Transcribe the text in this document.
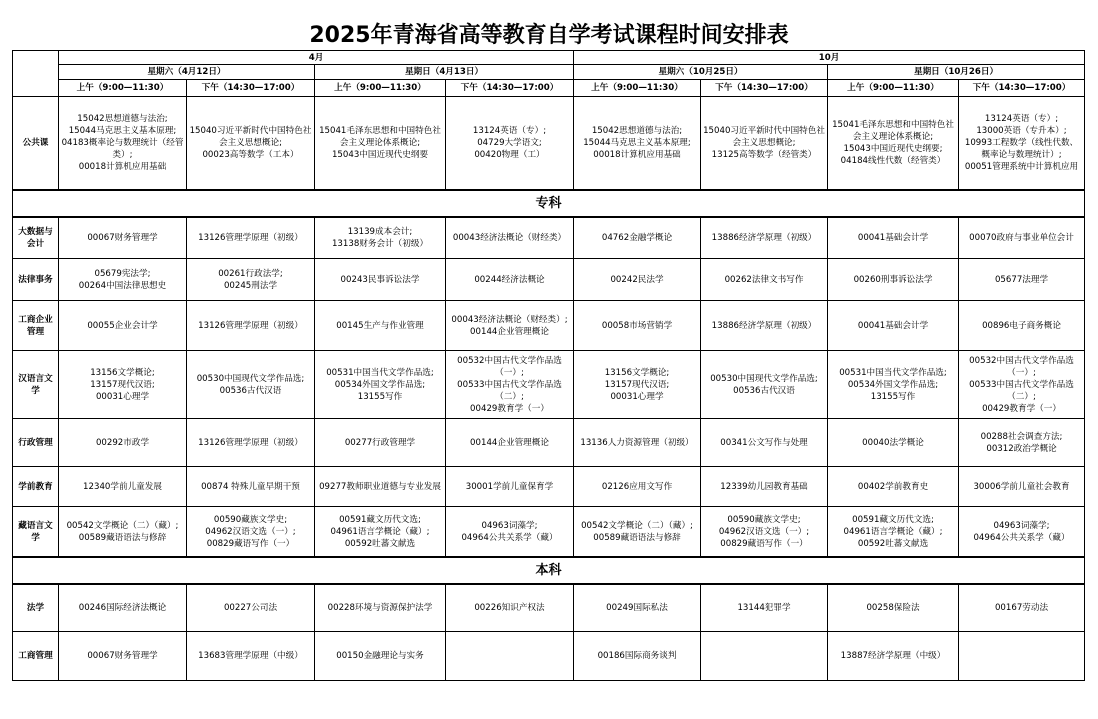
2025年青海省高等教育自学考试课程时间安排表
	4月				10月			
	星期六（4月12日）		星期日（4月13日）		星期六（10月25日）		星期日（10月26日）	
	上午（9:00—11:30）	下午（14:30—17:00）	上午（9:00—11:30）	下午（14:30—17:00）	上午（9:00—11:30）	下午（14:30—17:00）	上午（9:00—11:30）	下午（14:30—17:00）
公共课	15042思想道德与法治;
15044马克思主义基本原理;
04183概率论与数理统计（经管类）;
00018计算机应用基础	15040习近平新时代中国特色社会主义思想概论;
00023高等数学（工本）	15041毛泽东思想和中国特色社会主义理论体系概论;
15043中国近现代史纲要	13124英语（专）;
04729大学语文;
00420物理（工）	15042思想道德与法治;
15044马克思主义基本原理;
00018计算机应用基础	15040习近平新时代中国特色社会主义思想概论;
13125高等数学（经管类）	15041毛泽东思想和中国特色社会主义理论体系概论;
15043中国近现代史纲要;
04184线性代数（经管类）	13124英语（专）;
13000英语（专升本）;
10993工程数学（线性代数、概率论与数理统计）;
00051管理系统中计算机应用
专科								
大数据与会计	00067财务管理学	13126管理学原理（初级）	13139成本会计;
13138财务会计（初级）	00043经济法概论（财经类）	04762金融学概论	13886经济学原理（初级）	00041基础会计学	00070政府与事业单位会计
法律事务	05679宪法学;
00264中国法律思想史	00261行政法学;
00245刑法学	00243民事诉讼法学	00244经济法概论	00242民法学	00262法律文书写作	00260刑事诉讼法学	05677法理学
工商企业管理	00055企业会计学	13126管理学原理（初级）	00145生产与作业管理	00043经济法概论（财经类）;
00144企业管理概论	00058市场营销学	13886经济学原理（初级）	00041基础会计学	00896电子商务概论
汉语言文学	13156文学概论;
13157现代汉语;
00031心理学	00530中国现代文学作品选;
00536古代汉语	00531中国当代文学作品选;
00534外国文学作品选;
13155写作	00532中国古代文学作品选（一）;
00533中国古代文学作品选（二）;
00429教育学（一）	13156文学概论;
13157现代汉语;
00031心理学	00530中国现代文学作品选;
00536古代汉语	00531中国当代文学作品选;
00534外国文学作品选;
13155写作	00532中国古代文学作品选（一）;
00533中国古代文学作品选（二）;
00429教育学（一）
行政管理	00292市政学	13126管理学原理（初级）	00277行政管理学	00144企业管理概论	13136人力资源管理（初级）	00341公文写作与处理	00040法学概论	00288社会调查方法;
00312政治学概论
学前教育	12340学前儿童发展	00874 特殊儿童早期干预	09277教师职业道德与专业发展	30001学前儿童保育学	02126应用文写作	12339幼儿园教育基础	00402学前教育史	30006学前儿童社会教育
藏语言文学	00542文学概论（二）（藏）;
00589藏语语法与修辞	00590藏族文学史;
04962汉语文选（一）;
00829藏语写作（一）	00591藏文历代文选;
04961语言学概论（藏）;
00592吐蕃文献选	04963词藻学;
04964公共关系学（藏）	00542文学概论（二）（藏）;
00589藏语语法与修辞	00590藏族文学史;
04962汉语文选（一）;
00829藏语写作（一）	00591藏文历代文选;
04961语言学概论（藏）;
00592吐蕃文献选	04963词藻学;
04964公共关系学（藏）
本科								
法学	00246国际经济法概论	00227公司法	00228环境与资源保护法学	00226知识产权法	00249国际私法	13144犯罪学	00258保险法	00167劳动法
工商管理	00067财务管理学	13683管理学原理（中级）	00150金融理论与实务		00186国际商务谈判		13887经济学原理（中级）	
